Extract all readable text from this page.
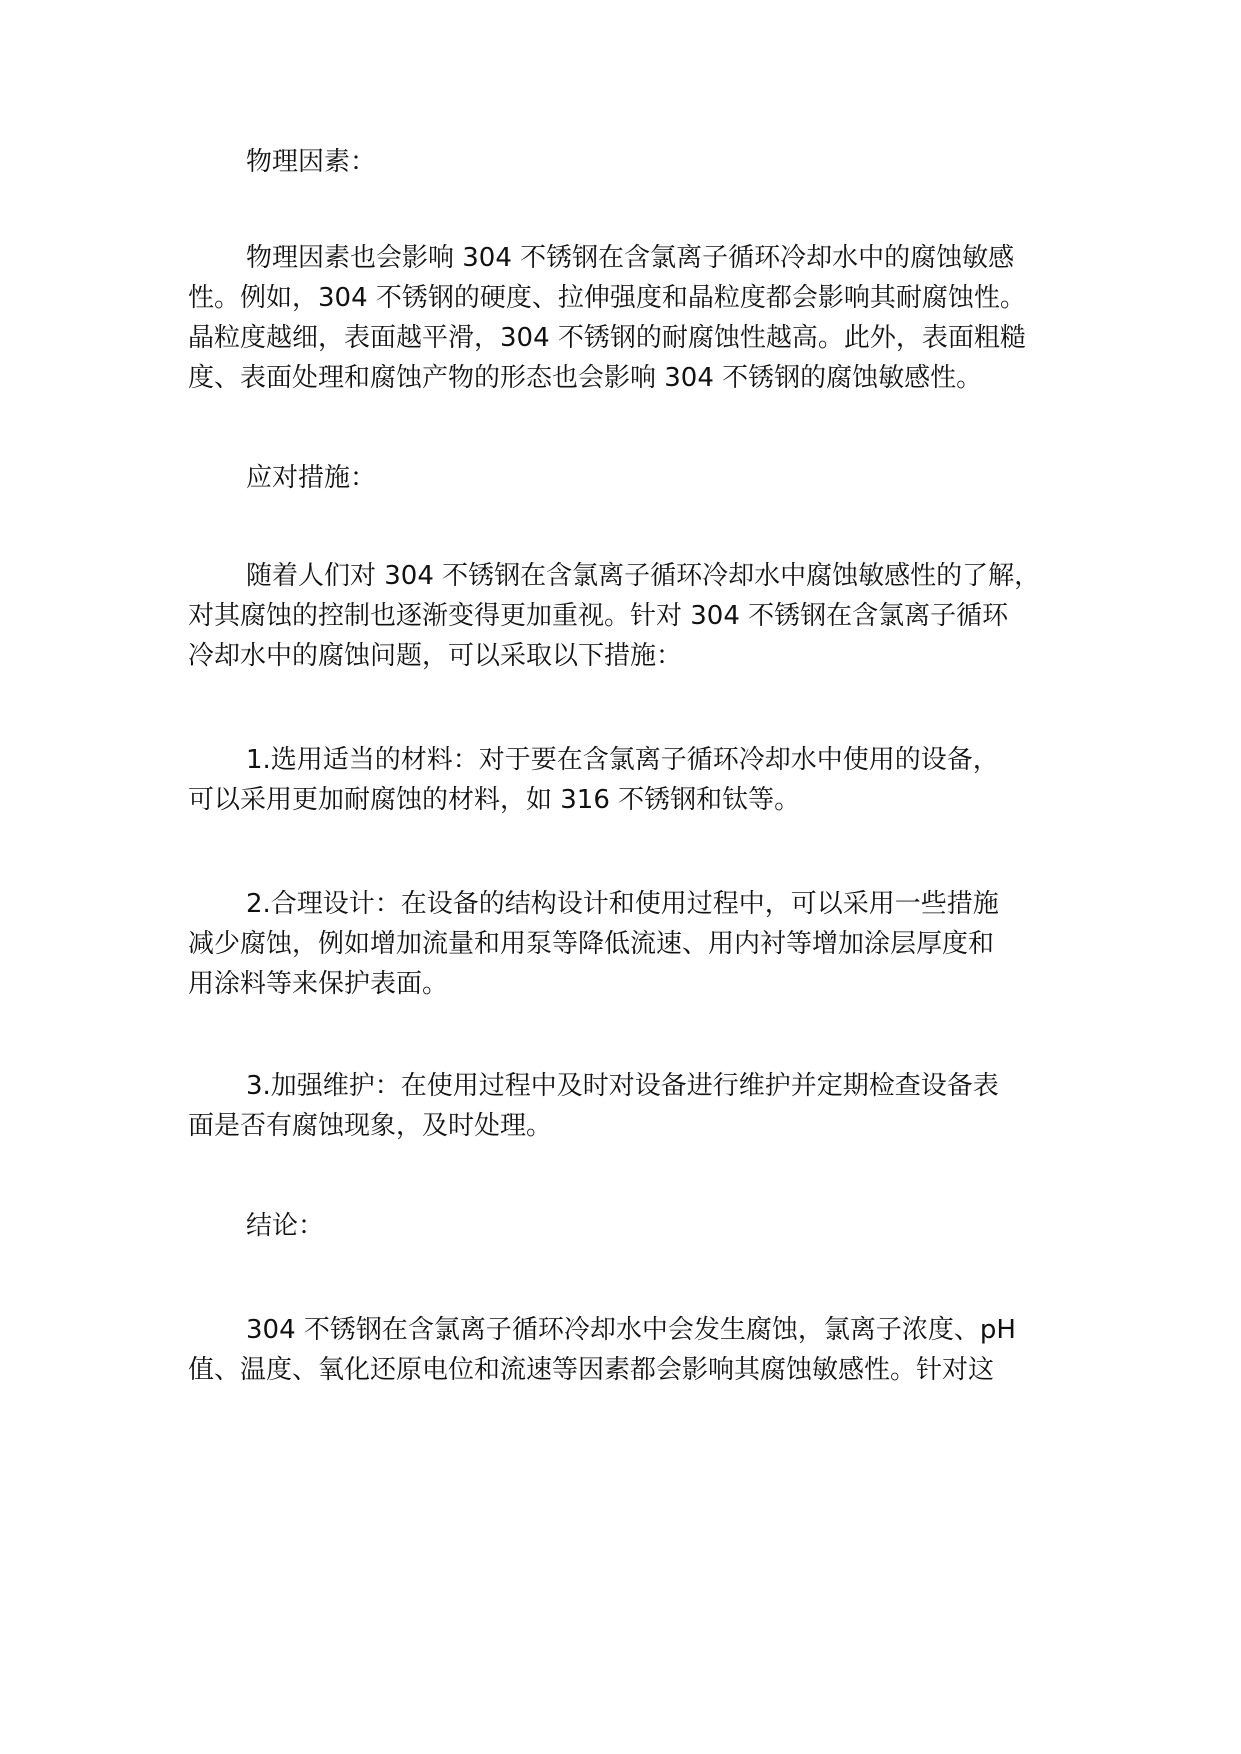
物理因素：
物理因素也会影响 304 不锈钢在含氯离子循环冷却水中的腐蚀敏感
性。例如，304 不锈钢的硬度、拉伸强度和晶粒度都会影响其耐腐蚀性。
晶粒度越细，表面越平滑，304 不锈钢的耐腐蚀性越高。此外，表面粗糙
度、表面处理和腐蚀产物的形态也会影响 304 不锈钢的腐蚀敏感性。
应对措施：
随着人们对 304 不锈钢在含氯离子循环冷却水中腐蚀敏感性的了解，
对其腐蚀的控制也逐渐变得更加重视。针对 304 不锈钢在含氯离子循环
冷却水中的腐蚀问题，可以采取以下措施：
1.选用适当的材料：对于要在含氯离子循环冷却水中使用的设备，
可以采用更加耐腐蚀的材料，如 316 不锈钢和钛等。
2.合理设计：在设备的结构设计和使用过程中，可以采用一些措施
减少腐蚀，例如增加流量和用泵等降低流速、用内衬等增加涂层厚度和
用涂料等来保护表面。
3.加强维护：在使用过程中及时对设备进行维护并定期检查设备表
面是否有腐蚀现象，及时处理。
结论：
304 不锈钢在含氯离子循环冷却水中会发生腐蚀，氯离子浓度、pH
值、温度、氧化还原电位和流速等因素都会影响其腐蚀敏感性。针对这
